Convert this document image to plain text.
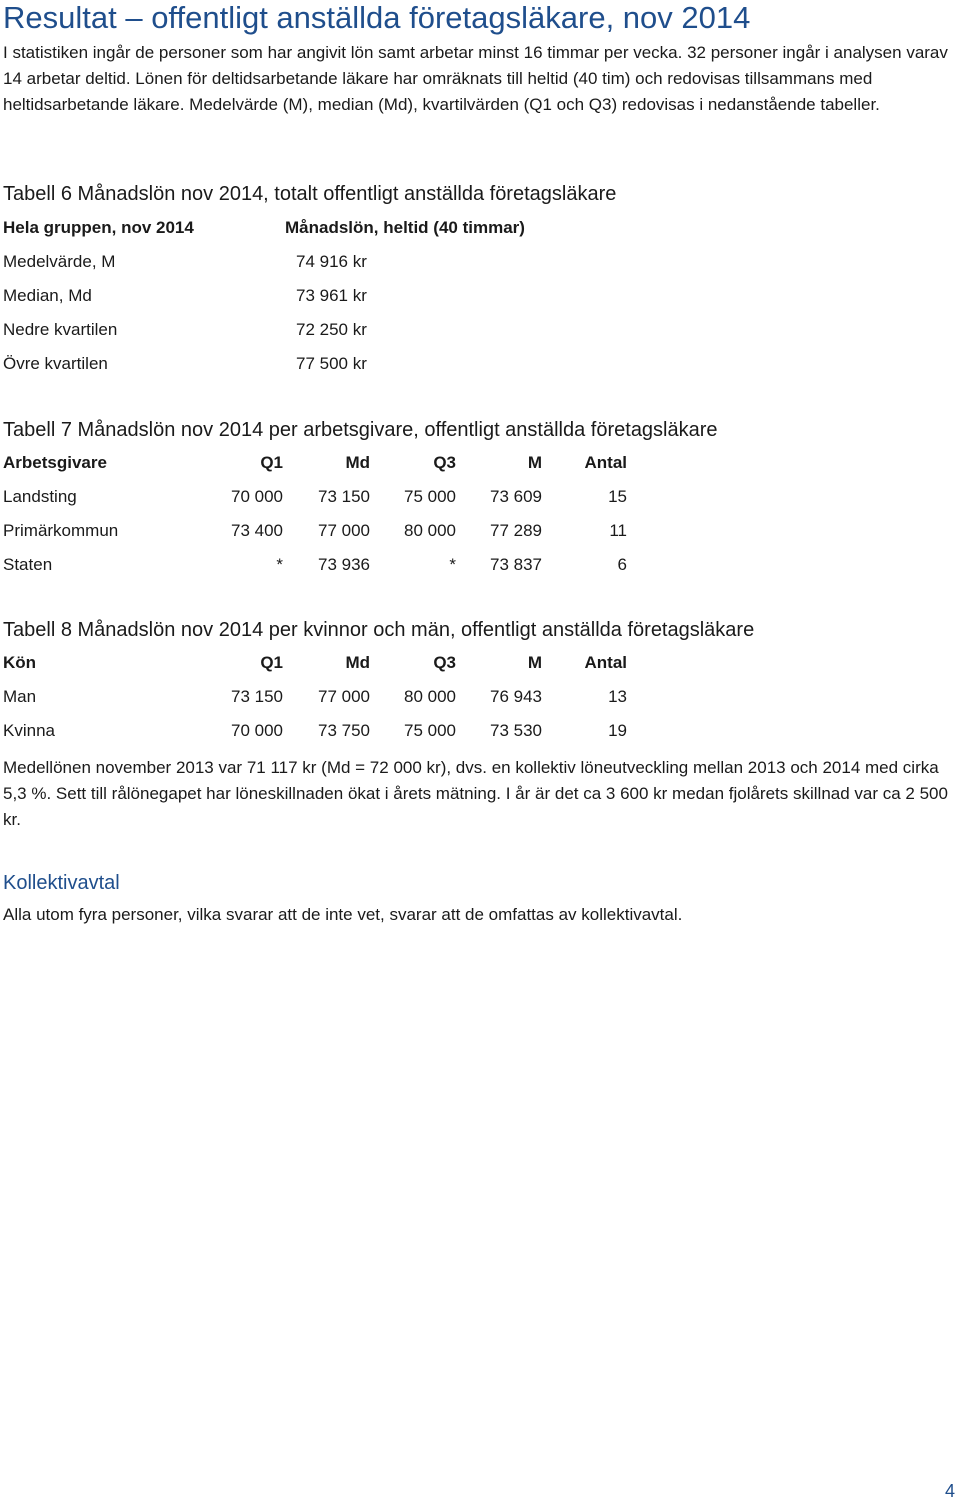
Resultat – offentligt anställda företagsläkare, nov 2014

I statistiken ingår de personer som har angivit lön samt arbetar minst 16 timmar per vecka. 32 personer ingår i analysen varav 14 arbetar deltid. Lönen för deltidsarbetande läkare har omräknats till heltid (40 tim) och redovisas tillsammans med heltidsarbetande läkare. Medelvärde (M), median (Md), kvartilvärden (Q1 och Q3) redovisas i nedanstående tabeller.

Tabell 6 Månadslön nov 2014, totalt offentligt anställda företagsläkare
Hela gruppen, nov 2014	Månadslön, heltid (40 timmar)
Medelvärde, M	74 916 kr
Median, Md	73 961 kr
Nedre kvartilen	72 250 kr
Övre kvartilen	77 500 kr
Tabell 7 Månadslön nov 2014 per arbetsgivare, offentligt anställda företagsläkare
Arbetsgivare	Q1	Md	Q3	M	Antal
Landsting	70 000	73 150	75 000	73 609	15
Primärkommun	73 400	77 000	80 000	77 289	11
Staten	*	73 936	*	73 837	6
Tabell 8 Månadslön nov 2014 per kvinnor och män, offentligt anställda företagsläkare
Kön	Q1	Md	Q3	M	Antal
Man	73 150	77 000	80 000	76 943	13
Kvinna	70 000	73 750	75 000	73 530	19

Medellönen november 2013 var 71 117 kr (Md = 72 000 kr), dvs. en kollektiv löneutveckling mellan 2013 och 2014 med cirka 5,3 %. Sett till rålönegapet har löneskillnaden ökat i årets mätning. I år är det ca 3 600 kr medan fjolårets skillnad var ca 2 500 kr.

Kollektivavtal

Alla utom fyra personer, vilka svarar att de inte vet, svarar att de omfattas av kollektivavtal.

4
